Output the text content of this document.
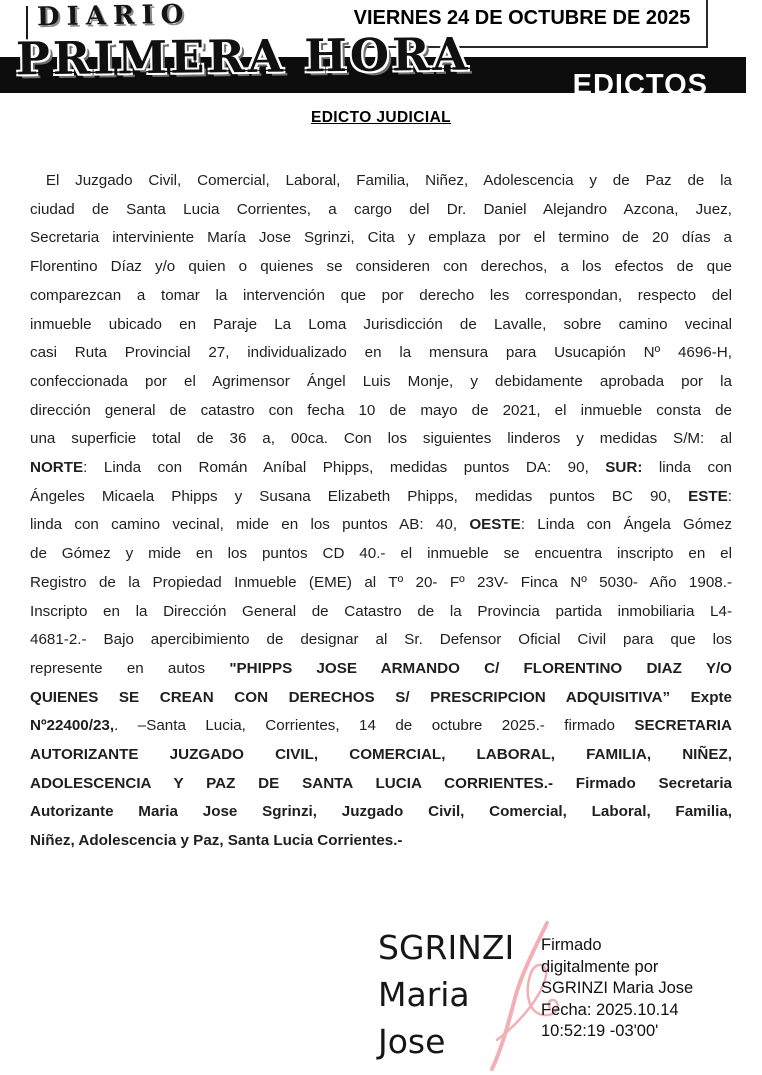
DIARIO	VIERNES 24 DE OCTUBRE DE 2025
EDICTOS
PRIMERA HORA
EDICTO JUDICIAL
El Juzgado Civil, Comercial, Laboral, Familia, Niñez, Adolescencia y de Paz de la
ciudad de Santa Lucia Corrientes, a cargo del Dr. Daniel Alejandro Azcona, Juez,
Secretaria interviniente María Jose Sgrinzi, Cita y emplaza por el termino de 20 días a
Florentino Díaz y/o quien o quienes se consideren con derechos, a los efectos de que
comparezcan a tomar la intervención que por derecho les correspondan, respecto del
inmueble ubicado en Paraje La Loma Jurisdicción de Lavalle, sobre camino vecinal
casi Ruta Provincial 27, individualizado en la mensura para Usucapión Nº 4696-H,
confeccionada por el Agrimensor Ángel Luis Monje, y debidamente aprobada por la
dirección general de catastro con fecha 10 de mayo de 2021, el inmueble consta de
una superficie total de 36 a, 00ca. Con los siguientes linderos y medidas S/M: al
NORTE: Linda con Román Aníbal Phipps, medidas puntos DA: 90, SUR: linda con
Ángeles Micaela Phipps y Susana Elizabeth Phipps, medidas puntos BC 90, ESTE:
linda con camino vecinal, mide en los puntos AB: 40, OESTE: Linda con Ángela Gómez
de Gómez y mide en los puntos CD 40.- el inmueble se encuentra inscripto en el
Registro de la Propiedad Inmueble (EME) al Tº 20- Fº 23V- Finca Nº 5030- Año 1908.-
Inscripto en la Dirección General de Catastro de la Provincia partida inmobiliaria L4-
4681-2.- Bajo apercibimiento de designar al Sr. Defensor Oficial Civil para que los
represente en autos "PHIPPS JOSE ARMANDO C/ FLORENTINO DIAZ Y/O
QUIENES SE CREAN CON DERECHOS S/ PRESCRIPCION ADQUISITIVA” Expte
Nº22400/23,. –Santa Lucia, Corrientes, 14 de octubre 2025.- firmado SECRETARIA
AUTORIZANTE JUZGADO CIVIL, COMERCIAL, LABORAL, FAMILIA, NIÑEZ,
ADOLESCENCIA Y PAZ DE SANTA LUCIA CORRIENTES.- Firmado Secretaria
Autorizante Maria Jose Sgrinzi, Juzgado Civil, Comercial, Laboral, Familia,
Niñez, Adolescencia y Paz, Santa Lucia Corrientes.-
SGRINZI
Maria
Jose
Firmado
digitalmente por
SGRINZI Maria Jose
Fecha: 2025.10.14
10:52:19 -03'00'
